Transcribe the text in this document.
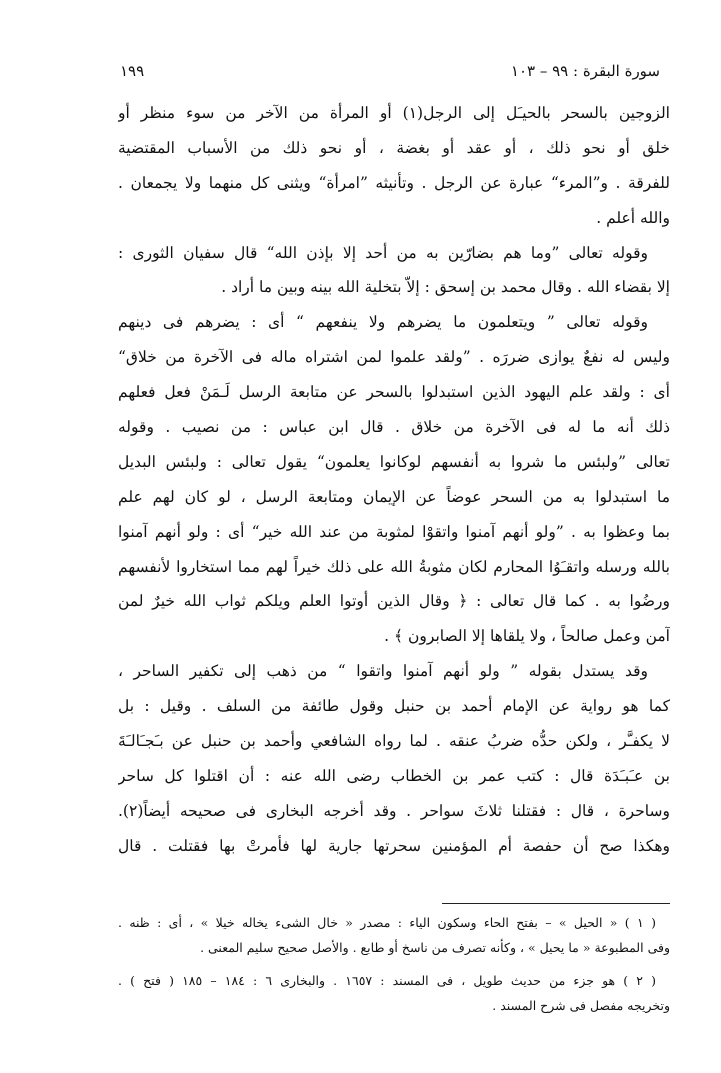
١٩٩	سورة البقرة : ٩٩ – ١٠٣
الزوجين بالسحر بالحيـَل إلى الرجل(١) أو المرأة من الآخر من سوء منظر أو
خلق أو نحو ذلك ، أو عقد أو بغضة ، أو نحو ذلك من الأسباب المقتضية
للفرقة . و”المرء“ عبارة عن الرجل . وتأنيثه ”امرأة“ ويثنى كل منهما ولا يجمعان .
والله أعلم .
وقوله تعالى ”وما هم بضارّين به من أحد إلا بإذن الله“ قال سفيان الثورى :
إلا بقضاء الله . وقال محمد بن إسحق : إلاّ بتخلية الله بينه وبين ما أراد .
وقوله تعالى ” ويتعلمون ما يضرهم ولا ينفعهم “ أى : يضرهم فى دينهم
وليس له نفعٌ يوازى ضررَه . ”ولقد علموا لمن اشتراه ماله فى الآخرة من خلاق“
أى : ولقد علم اليهود الذين استبدلوا بالسحر عن متابعة الرسل لَـمَنْ فعل فعلهم
ذلك أنه ما له فى الآخرة من خلاق . قال ابن عباس : من نصيب . وقوله
تعالى ”ولبئس ما شروا به أنفسهم لوكانوا يعلمون“ يقول تعالى : ولبئس البديل
ما استبدلوا به من السحر عوضاً عن الإيمان ومتابعة الرسل ، لو كان لهم علم
بما وعظوا به . ”ولو أنهم آمنوا واتقوْا لمثوبة من عند الله خير“ أى : ولو أنهم آمنوا
بالله ورسله واتقـَوُا المحارم لكان مثوبةُ الله على ذلك خيراً لهم مما استخاروا لأنفسهم
ورضُوا به . كما قال تعالى : ﴿ وقال الذين أوتوا العلم ويلكم ثواب الله خيرٌ لمن
آمن وعمل صالحاً ، ولا يلقاها إلا الصابرون ﴾ .
وقد يستدل بقوله ” ولو أنهم آمنوا واتقوا “ من ذهب إلى تكفير الساحر ،
كما هو رواية عن الإمام أحمد بن حنبل وقول طائفة من السلف . وقيل : بل
لا يكفـَّر ، ولكن حدُّه ضربُ عنقه . لما رواه الشافعي وأحمد بن حنبل عن بـَجـَالـَةَ
بن عـَبـَدَة قال : كتب عمر بن الخطاب رضى الله عنه : أن اقتلوا كل ساحر
وساحرة ، قال : فقتلنا ثلاثَ سواحر . وقد أخرجه البخارى فى صحيحه أيضاً(٢).
وهكذا صح أن حفصة أم المؤمنين سحرتها جارية لها فأمرتْ بها فقتلت . قال
( ١ ) « الحيل » – بفتح الحاء وسكون الياء : مصدر « خال الشىء يخاله خيلا » ، أى : ظنه .
وفى المطبوعة « ما يحيل » ، وكأنه تصرف من ناسخ أو طابع . والأصل صحيح سليم المعنى .
( ٢ ) هو جزء من حديث طويل ، فى المسند : ١٦٥٧ . والبخارى ٦ : ١٨٤ – ١٨٥ ( فتح ) .
وتخريجه مفصل فى شرح المسند .
